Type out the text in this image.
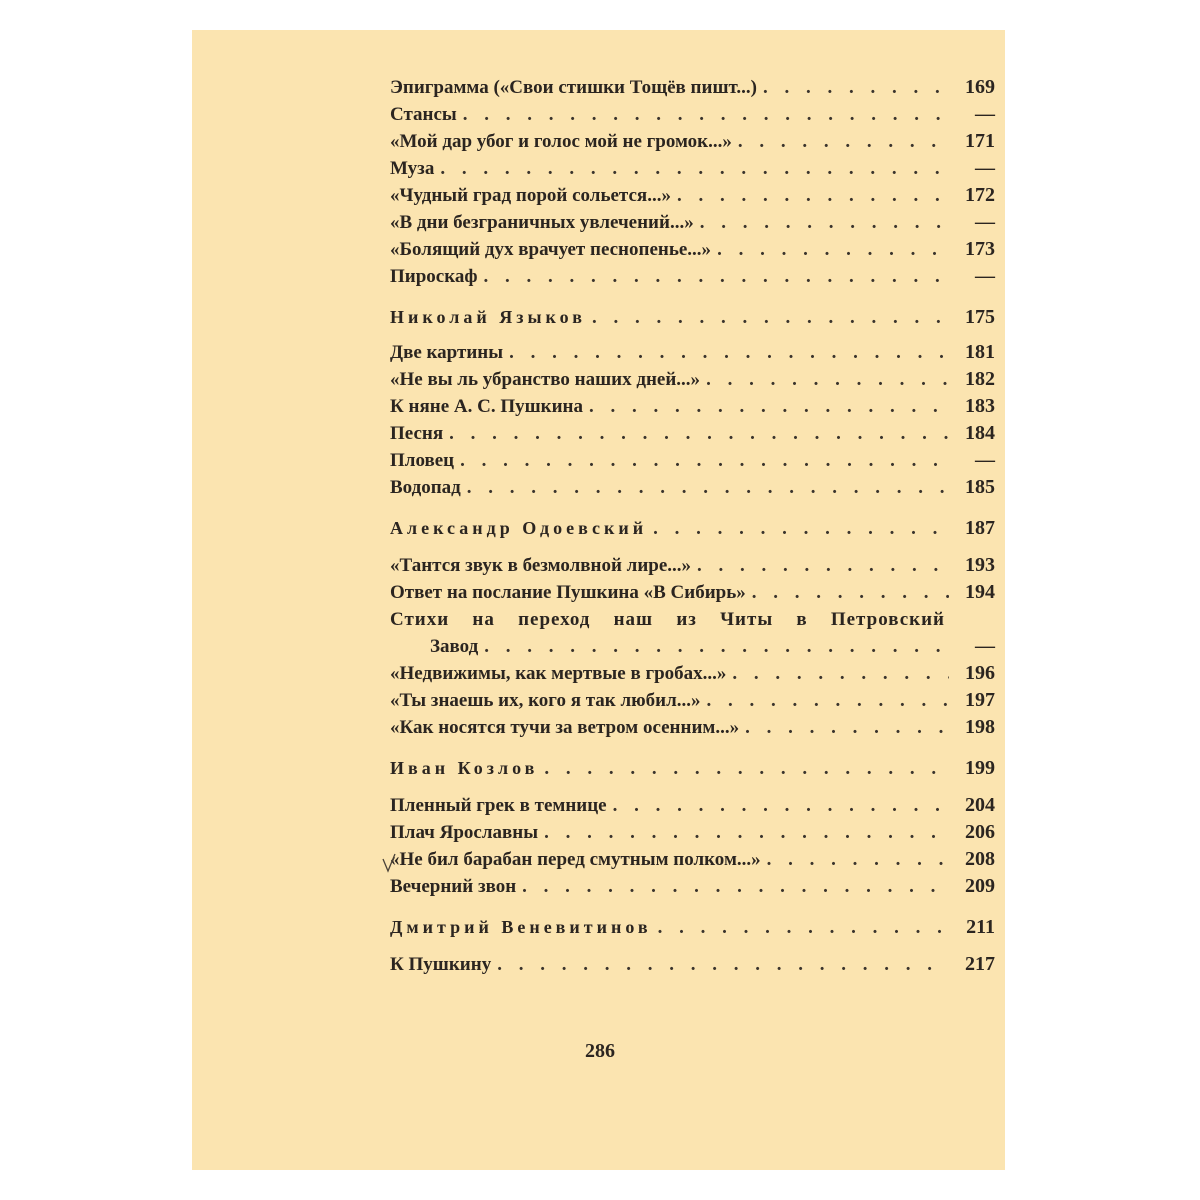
Эпиграмма («Свои стишки Тощёв пишт...) . . .	169
Стансы . . .	—
«Мой дар убог и голос мой не громок...» . . .	171
Муза . . .	—
«Чудный град порой сольется...» . . .	172
«В дни безграничных увлечений...» . . .	—
«Болящий дух врачует песнопенье...» . . .	173
Пироскаф . . .	—
Николай Языков . . .	175
Две картины . . .	181
«Не вы ль убранство наших дней...» . . .	182
К няне А. С. Пушкина . . .	183
Песня . . .	184
Пловец . . .	—
Водопад . . .	185
Александр Одоевский . . .	187
«Тантся звук в безмолвной лире...» . . .	193
Ответ на послание Пушкина «В Сибирь» . . .	194
Стихи на переход наш из Читы в Петровский
Завод . . .	—
«Недвижимы, как мертвые в гробах...» . . .	196
«Ты знаешь их, кого я так любил...» . . .	197
«Как носятся тучи за ветром осенним...» . . .	198
Иван Козлов . . .	199
Пленный грек в темнице . . .	204
Плач Ярославны . . .	206
«Не бил барабан перед смутным полком...» . . .	208
Вечерний звон . . .	209
Дмитрий Веневитинов . . .	211
К Пушкину . . .	217
286
